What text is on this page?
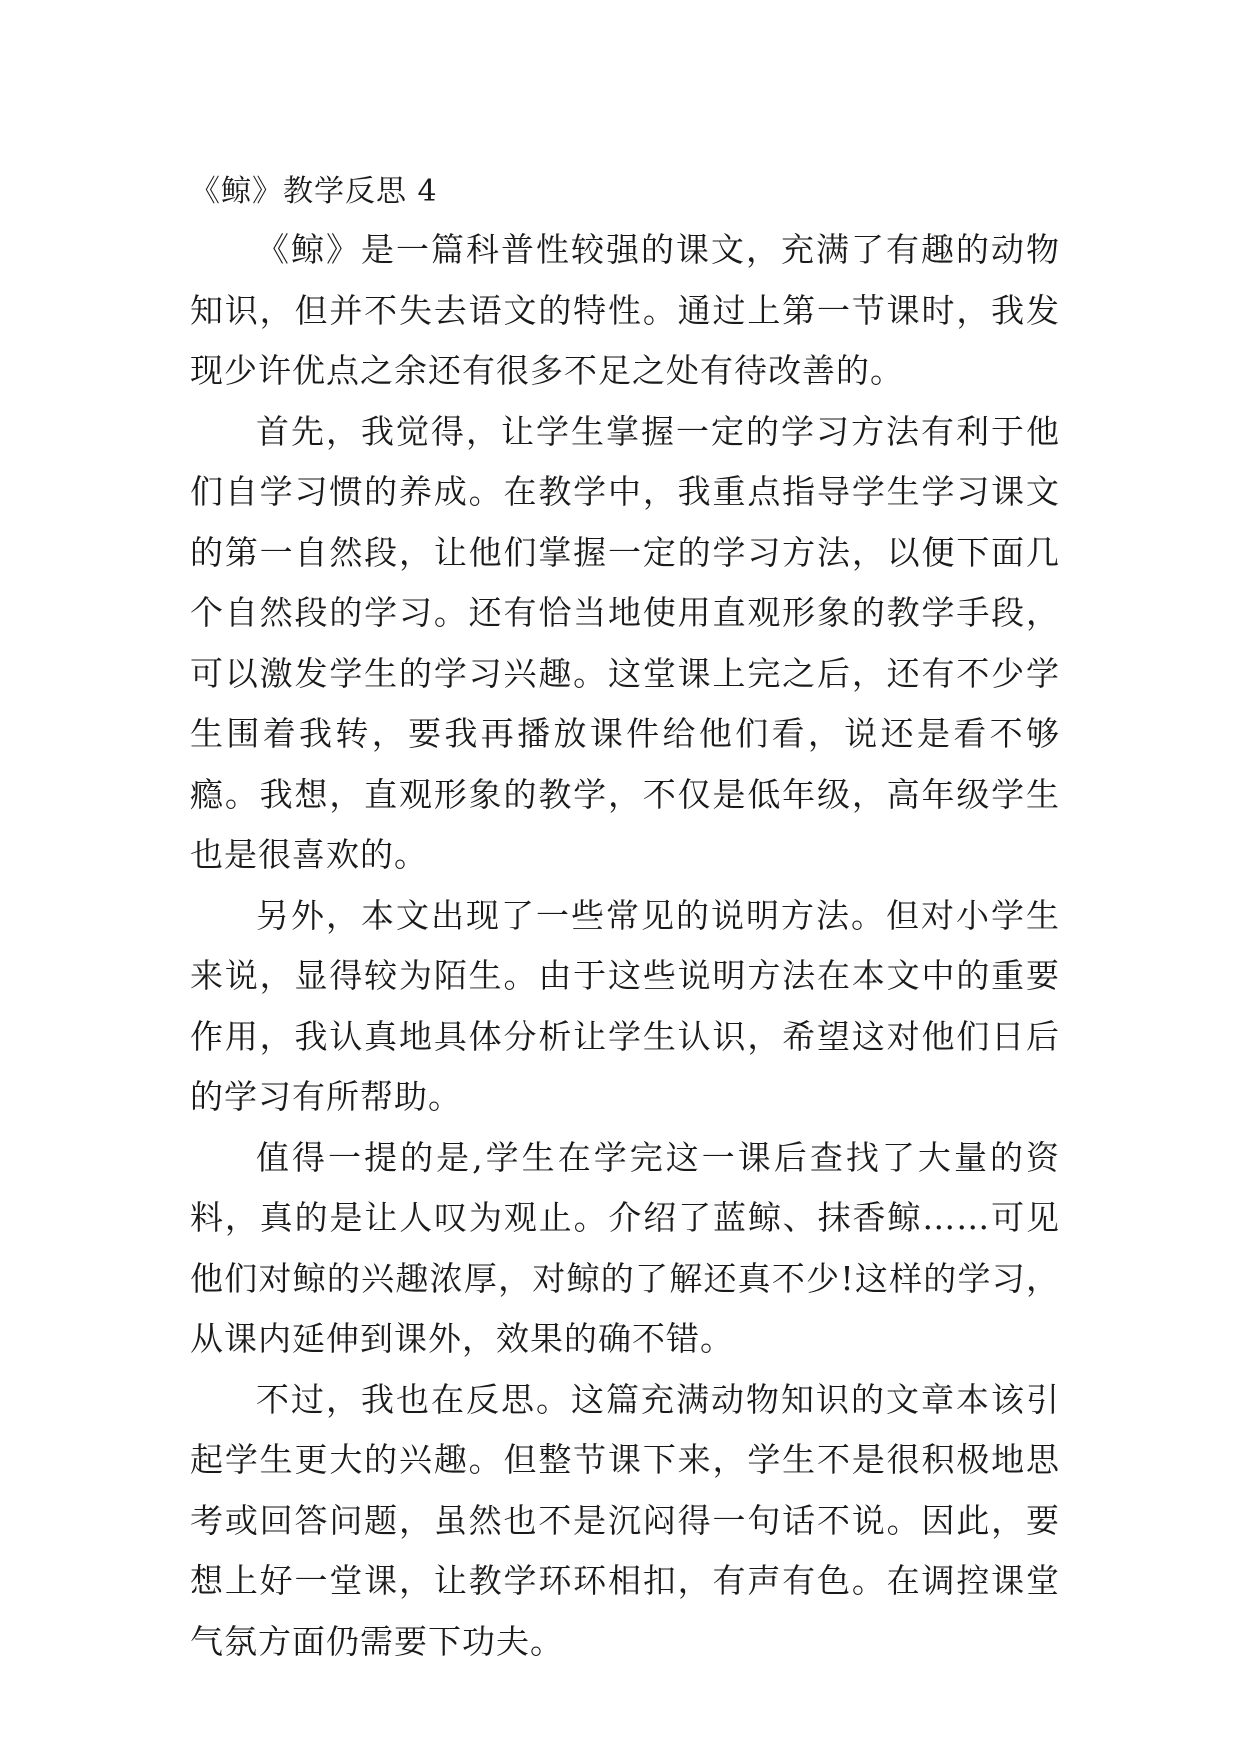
《鲸》教学反思 4

《鲸》是一篇科普性较强的课文，充满了有趣的动物知识，但并不失去语文的特性。通过上第一节课时，我发现少许优点之余还有很多不足之处有待改善的。

首先，我觉得，让学生掌握一定的学习方法有利于他们自学习惯的养成。在教学中，我重点指导学生学习课文的第一自然段，让他们掌握一定的学习方法，以便下面几个自然段的学习。还有恰当地使用直观形象的教学手段，可以激发学生的学习兴趣。这堂课上完之后，还有不少学生围着我转，要我再播放课件给他们看，说还是看不够瘾。我想，直观形象的教学，不仅是低年级，高年级学生也是很喜欢的。

另外，本文出现了一些常见的说明方法。但对小学生来说，显得较为陌生。由于这些说明方法在本文中的重要作用，我认真地具体分析让学生认识，希望这对他们日后的学习有所帮助。

值得一提的是,学生在学完这一课后查找了大量的资料，真的是让人叹为观止。介绍了蓝鲸、抹香鲸……可见他们对鲸的兴趣浓厚，对鲸的了解还真不少!这样的学习，从课内延伸到课外，效果的确不错。

不过，我也在反思。这篇充满动物知识的文章本该引起学生更大的兴趣。但整节课下来，学生不是很积极地思考或回答问题，虽然也不是沉闷得一句话不说。因此，要想上好一堂课，让教学环环相扣，有声有色。在调控课堂气氛方面仍需要下功夫。
